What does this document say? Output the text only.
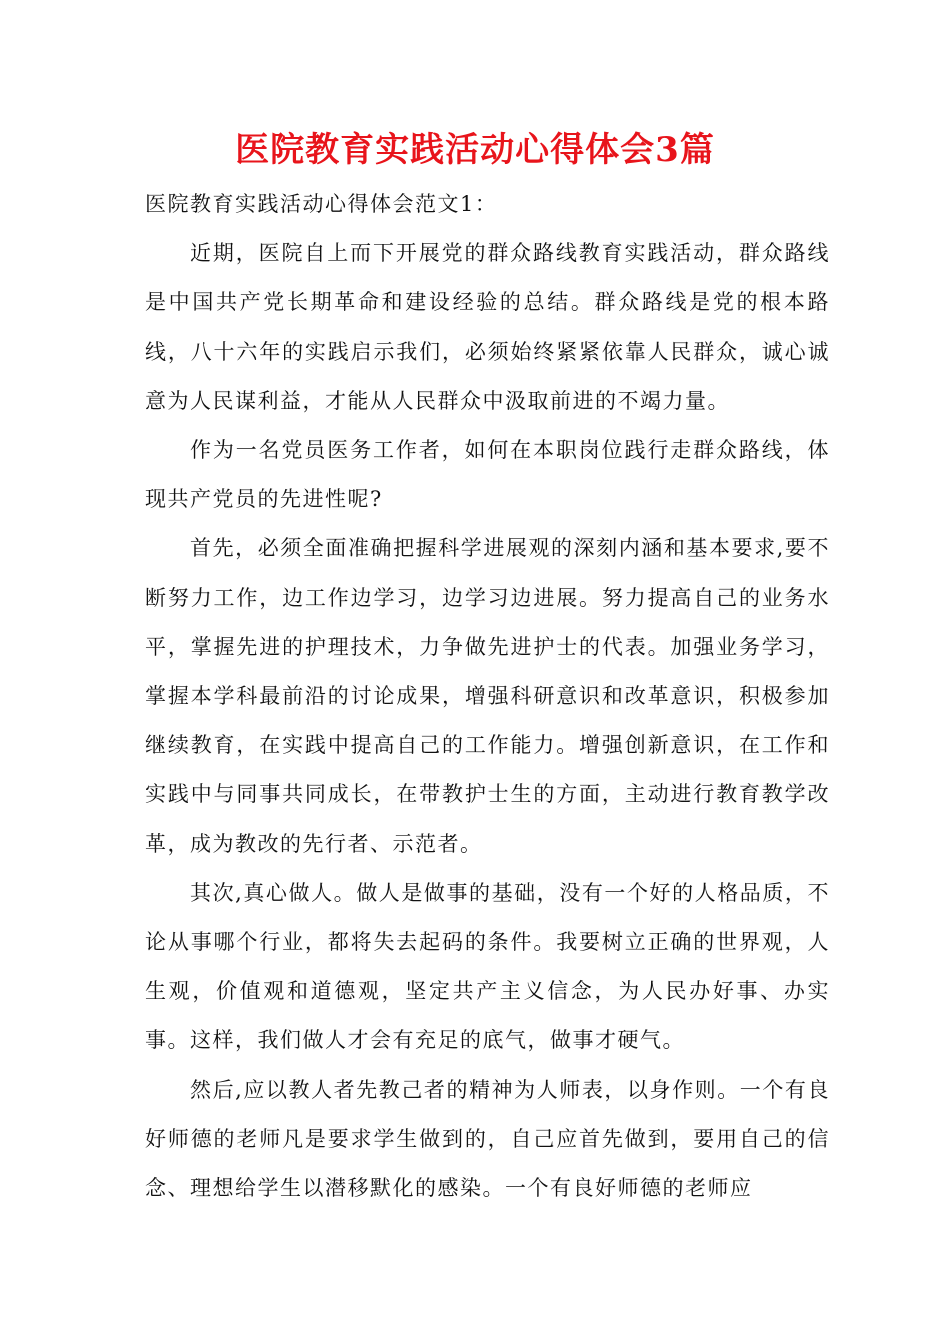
医院教育实践活动心得体会3篇

医院教育实践活动心得体会范文1：

近期，医院自上而下开展党的群众路线教育实践活动，群众路线是中国共产党长期革命和建设经验的总结。群众路线是党的根本路线，八十六年的实践启示我们，必须始终紧紧依靠人民群众，诚心诚意为人民谋利益，才能从人民群众中汲取前进的不竭力量。

作为一名党员医务工作者，如何在本职岗位践行走群众路线，体现共产党员的先进性呢?

首先，必须全面准确把握科学进展观的深刻内涵和基本要求,要不断努力工作，边工作边学习，边学习边进展。努力提高自己的业务水平，掌握先进的护理技术，力争做先进护士的代表。加强业务学习，掌握本学科最前沿的讨论成果，增强科研意识和改革意识，积极参加继续教育，在实践中提高自己的工作能力。增强创新意识，在工作和实践中与同事共同成长，在带教护士生的方面，主动进行教育教学改革，成为教改的先行者、示范者。

其次,真心做人。做人是做事的基础，没有一个好的人格品质，不论从事哪个行业，都将失去起码的条件。我要树立正确的世界观，人生观，价值观和道德观，坚定共产主义信念，为人民办好事、办实事。这样，我们做人才会有充足的底气，做事才硬气。

然后,应以教人者先教己者的精神为人师表，以身作则。一个有良好师德的老师凡是要求学生做到的，自己应首先做到，要用自己的信念、理想给学生以潜移默化的感染。一个有良好师德的老师应
